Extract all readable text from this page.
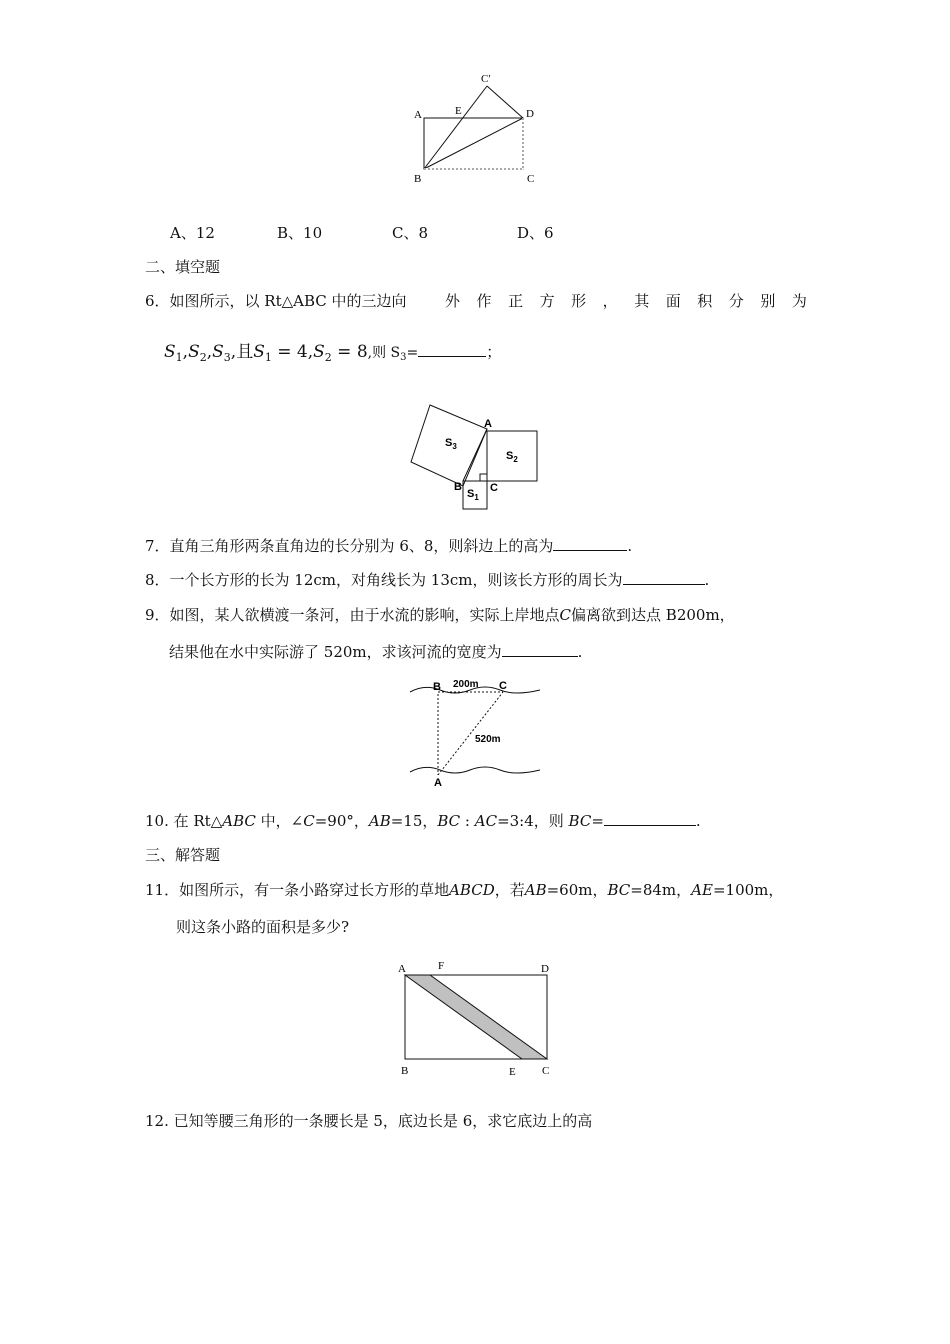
C′
A	E	D
B	C
A、12	B、10	C、8	D、6
二、填空题
6．如图所示，以 Rt△ABC 中的三边向	外 作 正 方 形 ， 其 面 积 分 别 为
$S_1,S_2,S_3$,且$S_1 = 4,S_2 = 8$,则 $S_3=$	；
A
B	C
$S_3$
$S_2$
$S_1$
7．直角三角形两条直角边的长分别为 6、8，则斜边上的高为	.
8．一个长方形的长为 12cm，对角线长为 13cm，则该长方形的周长为	.
9．如图，某人欲横渡一条河，由于水流的影响，实际上岸地点C偏离欲到达点 B200m，
结果他在水中实际游了 520m，求该河流的宽度为	.
B	C
200m
520m
A
10. 在 Rt△ABC 中，∠C=90°，AB=15，BC : AC=3:4，则 BC=	.
三、解答题
11．如图所示，有一条小路穿过长方形的草地ABCD，若AB=60m，BC=84m，AE=100m，
则这条小路的面积是多少?
A	F	D
B	E C
12. 已知等腰三角形的一条腰长是 5，底边长是 6，求它底边上的高
